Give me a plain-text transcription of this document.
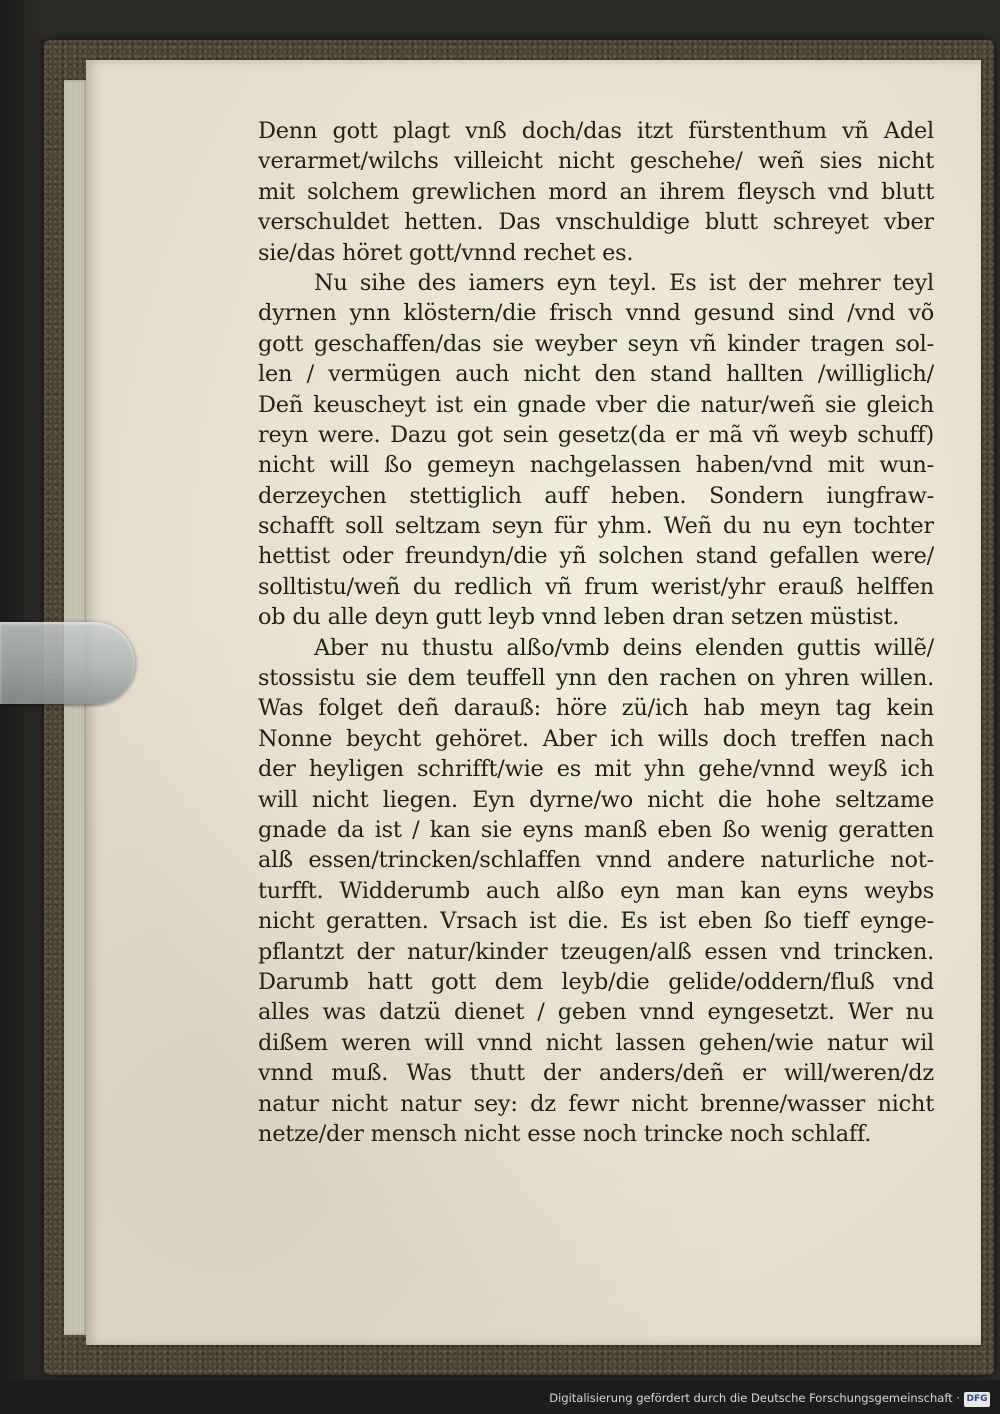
Denn gott plagt vnß doch/das itzt fürstenthum vñ Adel
verarmet/wilchs villeicht nicht geschehe/ weñ sies nicht
mit solchem grewlichen mord an ihrem fleysch vnd blutt
verschuldet hetten. Das vnschuldige blutt schreyet vber
sie/das höret gott/vnnd rechet es.
Nu sihe des iamers eyn teyl. Es ist der mehrer teyl
dyrnen ynn klöstern/die frisch vnnd gesund sind /vnd võ
gott geschaffen/das sie weyber seyn vñ kinder tragen sol-
len / vermügen auch nicht den stand hallten /williglich/
Deñ keuscheyt ist ein gnade vber die natur/weñ sie gleich
reyn were. Dazu got sein gesetz(da er mã vñ weyb schuff)
nicht will ßo gemeyn nachgelassen haben/vnd mit wun-
derzeychen stettiglich auff heben. Sondern iungfraw-
schafft soll seltzam seyn für yhm. Weñ du nu eyn tochter
hettist oder freundyn/die yñ solchen stand gefallen were/
solltistu/weñ du redlich vñ frum werist/yhr erauß helffen
ob du alle deyn gutt leyb vnnd leben dran setzen müstist.
Aber nu thustu alßo/vmb deins elenden guttis willẽ/
stossistu sie dem teuffell ynn den rachen on yhren willen.
Was folget deñ darauß: höre zü/ich hab meyn tag kein
Nonne beycht gehöret. Aber ich wills doch treffen nach
der heyligen schrifft/wie es mit yhn gehe/vnnd weyß ich
will nicht liegen. Eyn dyrne/wo nicht die hohe seltzame
gnade da ist / kan sie eyns manß eben ßo wenig geratten
alß essen/trincken/schlaffen vnnd andere naturliche not-
turfft. Widderumb auch alßo eyn man kan eyns weybs
nicht geratten. Vrsach ist die. Es ist eben ßo tieff eynge-
pflantzt der natur/kinder tzeugen/alß essen vnd trincken.
Darumb hatt gott dem leyb/die gelide/oddern/fluß vnd
alles was datzü dienet / geben vnnd eyngesetzt. Wer nu
dißem weren will vnnd nicht lassen gehen/wie natur wil
vnnd muß. Was thutt der anders/deñ er will/weren/dz
natur nicht natur sey: dz fewr nicht brenne/wasser nicht
netze/der mensch nicht esse noch trincke noch schlaff.
Digitalisierung gefördert durch die Deutsche Forschungsgemeinschaft · DFG
